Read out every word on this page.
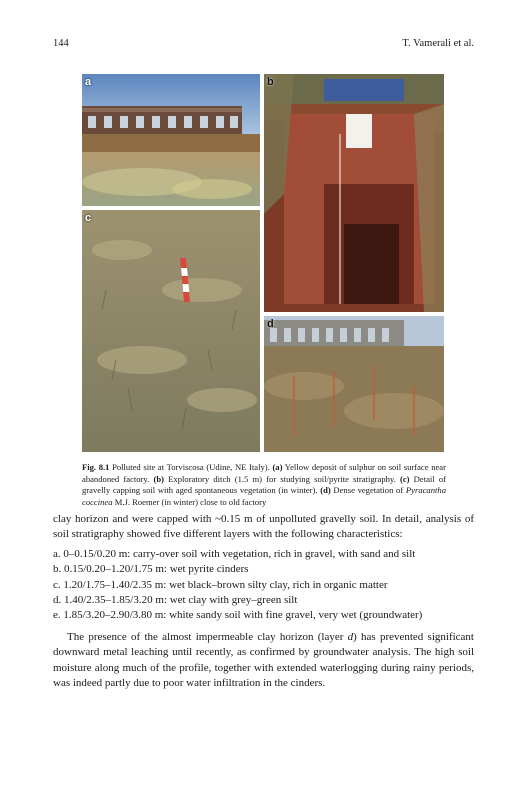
144	T. Vamerali et al.
a	b
c
d
Fig. 8.1 Polluted site at Torviscosa (Udine, NE Italy). (a) Yellow deposit of sulphur on soil surface near abandoned factory. (b) Exploratory ditch (1.5 m) for studying soil/pyrite stratigraphy. (c) Detail of gravelly capping soil with aged spontaneous vegetation (in winter). (d) Dense vegetation of Pyracantha coccinea M.J. Roemer (in winter) close to old factory

clay horizon and were capped with ~0.15 m of unpolluted gravelly soil. In detail, analysis of soil stratigraphy showed five different layers with the following characteristics:

a. 0–0.15/0.20 m: carry-over soil with vegetation, rich in gravel, with sand and silt
b. 0.15/0.20–1.20/1.75 m: wet pyrite cinders
c. 1.20/1.75–1.40/2.35 m: wet black–brown silty clay, rich in organic matter
d. 1.40/2.35–1.85/3.20 m: wet clay with grey–green silt
e. 1.85/3.20–2.90/3.80 m: white sandy soil with fine gravel, very wet (groundwater)

The presence of the almost impermeable clay horizon (layer d) has prevented significant downward metal leaching until recently, as confirmed by groundwater analysis. The high soil moisture along much of the profile, together with extended waterlogging during rainy periods, was indeed partly due to poor water infiltration in the cinders.
